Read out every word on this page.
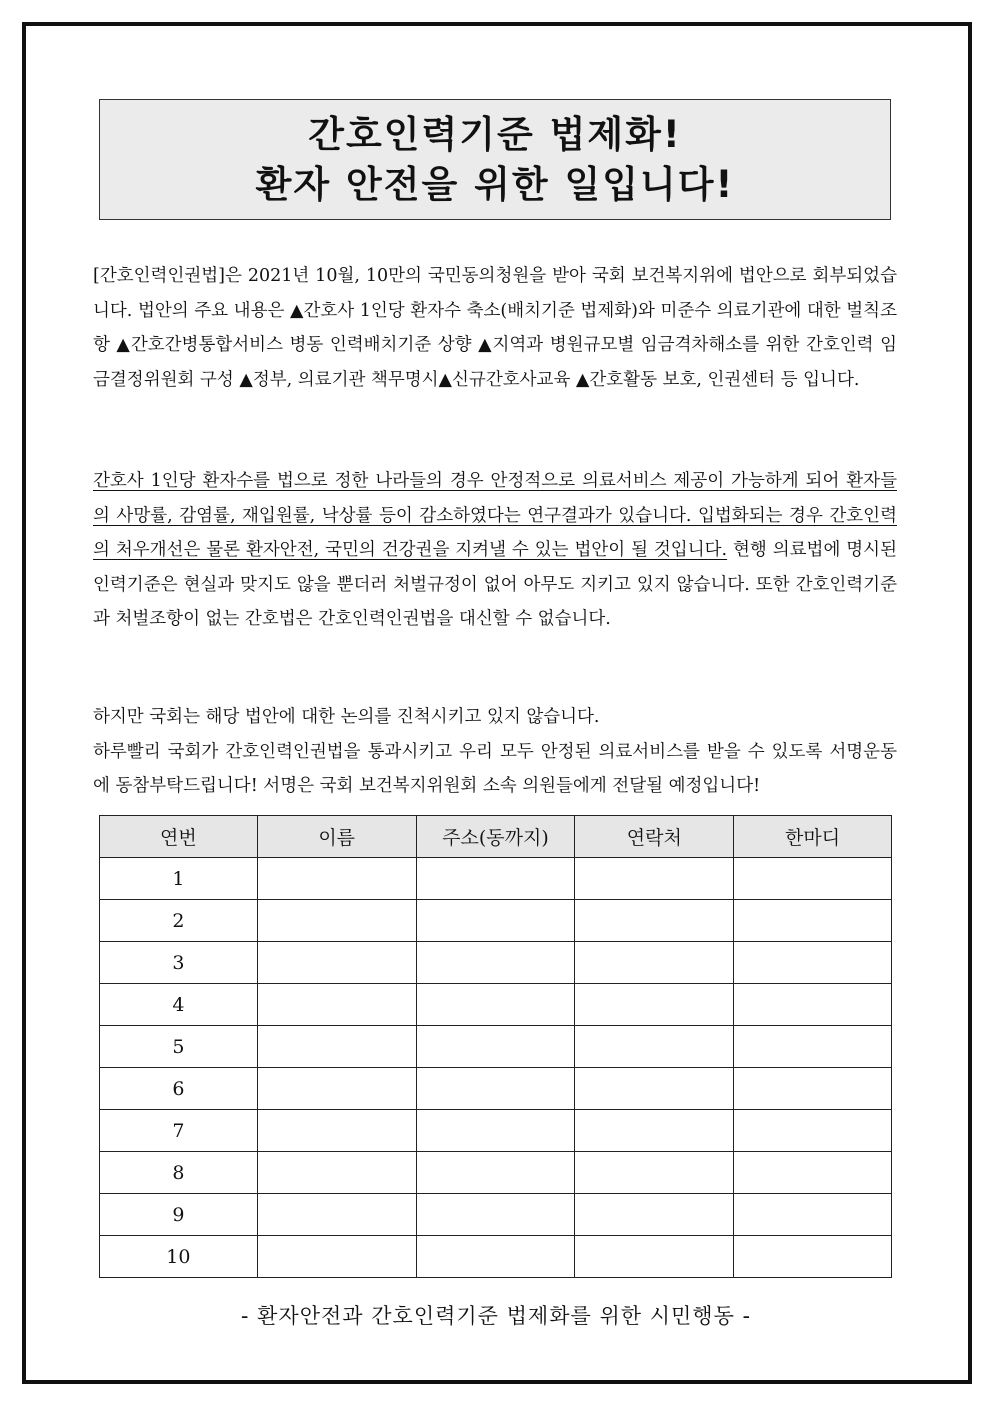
간호인력기준 법제화!
환자 안전을 위한 일입니다!
[간호인력인권법]은 2021년 10월, 10만의 국민동의청원을 받아 국회 보건복지위에 법안으로 회부되었습니다. 법안의 주요 내용은 ▲간호사 1인당 환자수 축소(배치기준 법제화)와 미준수 의료기관에 대한 벌칙조항 ▲간호간병통합서비스 병동 인력배치기준 상향 ▲지역과 병원규모별 임금격차해소를 위한 간호인력 임금결정위원회 구성 ▲정부, 의료기관 책무명시▲신규간호사교육 ▲간호활동 보호, 인권센터 등 입니다.
간호사 1인당 환자수를 법으로 정한 나라들의 경우 안정적으로 의료서비스 제공이 가능하게 되어 환자들의 사망률, 감염률, 재입원률, 낙상률 등이 감소하였다는 연구결과가 있습니다. 입법화되는 경우 간호인력의 처우개선은 물론 환자안전, 국민의 건강권을 지켜낼 수 있는 법안이 될 것입니다. 현행 의료법에 명시된 인력기준은 현실과 맞지도 않을 뿐더러 처벌규정이 없어 아무도 지키고 있지 않습니다. 또한 간호인력기준과 처벌조항이 없는 간호법은 간호인력인권법을 대신할 수 없습니다.
하지만 국회는 해당 법안에 대한 논의를 진척시키고 있지 않습니다.
하루빨리 국회가 간호인력인권법을 통과시키고 우리 모두 안정된 의료서비스를 받을 수 있도록 서명운동에 동참부탁드립니다! 서명은 국회 보건복지위원회 소속 의원들에게 전달될 예정입니다!
연번	이름	주소(동까지)	연락처	한마디
1				
2				
3				
4				
5				
6				
7				
8				
9				
10				
- 환자안전과 간호인력기준 법제화를 위한 시민행동 -
